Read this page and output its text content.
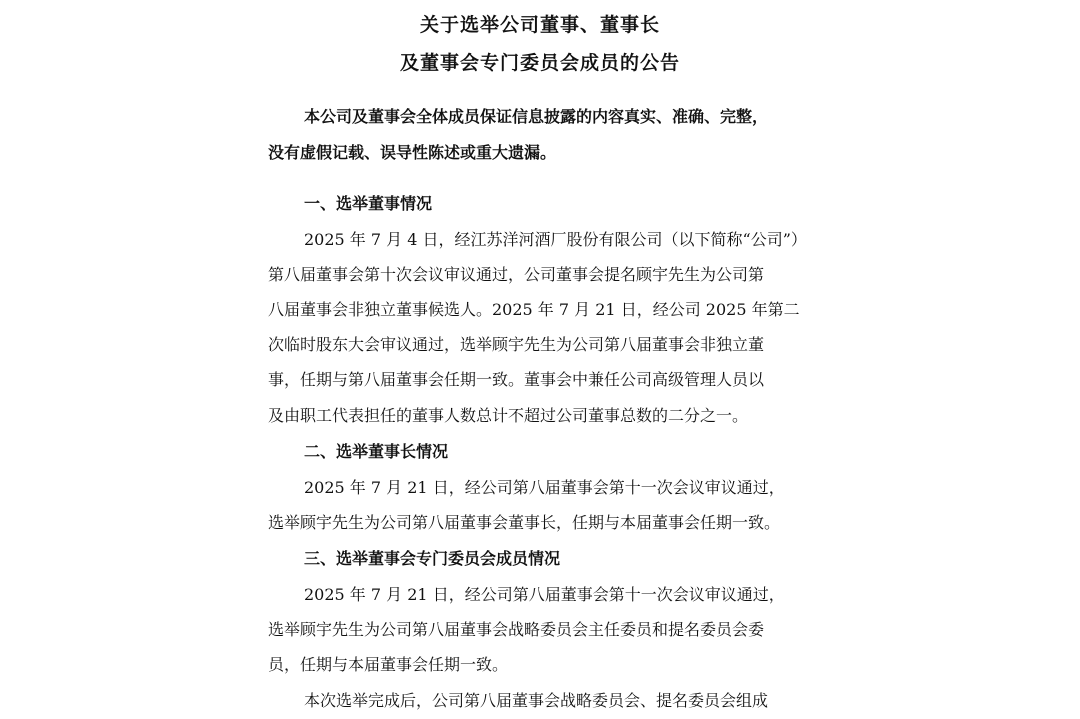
关于选举公司董事、董事长
及董事会专门委员会成员的公告

本公司及董事会全体成员保证信息披露的内容真实、准确、完整，

没有虚假记载、误导性陈述或重大遗漏。

一、选举董事情况

2025 年 7 月 4 日，经江苏洋河酒厂股份有限公司（以下简称“公司”）

第八届董事会第十次会议审议通过，公司董事会提名顾宇先生为公司第

八届董事会非独立董事候选人。2025 年 7 月 21 日，经公司 2025 年第二

次临时股东大会审议通过，选举顾宇先生为公司第八届董事会非独立董

事，任期与第八届董事会任期一致。董事会中兼任公司高级管理人员以

及由职工代表担任的董事人数总计不超过公司董事总数的二分之一。

二、选举董事长情况

2025 年 7 月 21 日，经公司第八届董事会第十一次会议审议通过，

选举顾宇先生为公司第八届董事会董事长，任期与本届董事会任期一致。

三、选举董事会专门委员会成员情况

2025 年 7 月 21 日，经公司第八届董事会第十一次会议审议通过，

选举顾宇先生为公司第八届董事会战略委员会主任委员和提名委员会委

员，任期与本届董事会任期一致。

本次选举完成后，公司第八届董事会战略委员会、提名委员会组成
